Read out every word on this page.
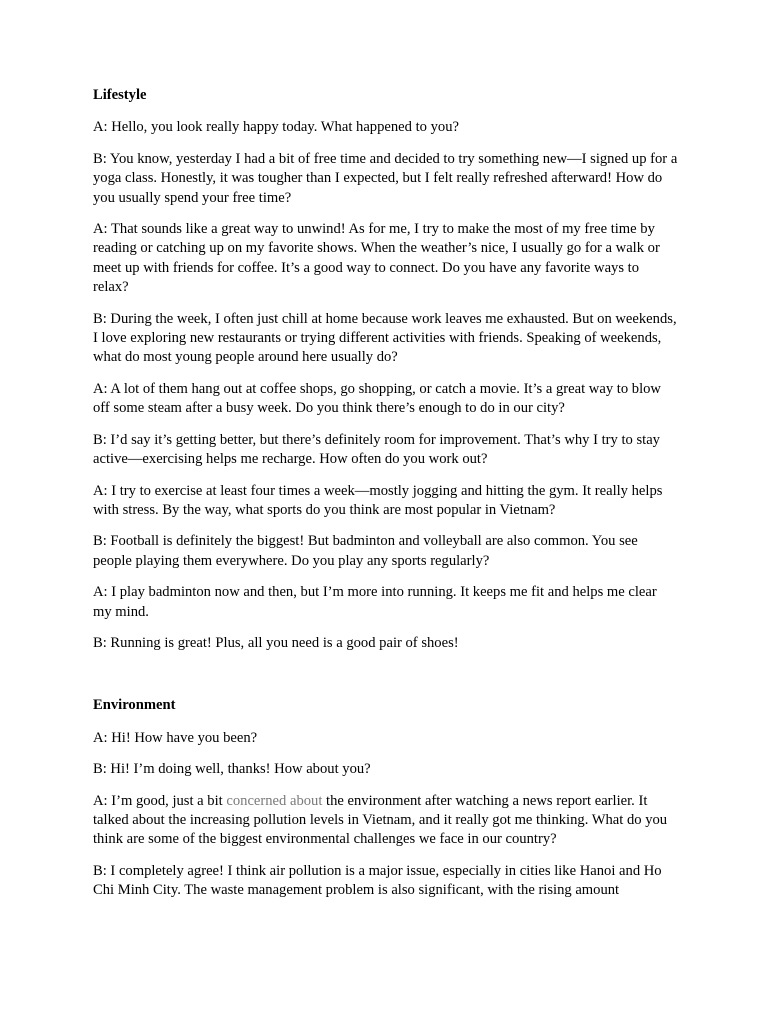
Lifestyle

A: Hello, you look really happy today. What happened to you?

B: You know, yesterday I had a bit of free time and decided to try something new—I signed up for a yoga class. Honestly, it was tougher than I expected, but I felt really refreshed afterward! How do you usually spend your free time?

A: That sounds like a great way to unwind! As for me, I try to make the most of my free time by reading or catching up on my favorite shows. When the weather’s nice, I usually go for a walk or meet up with friends for coffee. It’s a good way to connect. Do you have any favorite ways to relax?

B: During the week, I often just chill at home because work leaves me exhausted. But on weekends, I love exploring new restaurants or trying different activities with friends. Speaking of weekends, what do most young people around here usually do?

A: A lot of them hang out at coffee shops, go shopping, or catch a movie. It’s a great way to blow off some steam after a busy week. Do you think there’s enough to do in our city?

B: I’d say it’s getting better, but there’s definitely room for improvement. That’s why I try to stay active—exercising helps me recharge. How often do you work out?

A: I try to exercise at least four times a week—mostly jogging and hitting the gym. It really helps with stress. By the way, what sports do you think are most popular in Vietnam?

B: Football is definitely the biggest! But badminton and volleyball are also common. You see people playing them everywhere. Do you play any sports regularly?

A: I play badminton now and then, but I’m more into running. It keeps me fit and helps me clear my mind.

B: Running is great! Plus, all you need is a good pair of shoes!

Environment

A: Hi! How have you been?

B: Hi! I’m doing well, thanks! How about you?

A: I’m good, just a bit concerned about the environment after watching a news report earlier. It talked about the increasing pollution levels in Vietnam, and it really got me thinking. What do you think are some of the biggest environmental challenges we face in our country?

B: I completely agree! I think air pollution is a major issue, especially in cities like Hanoi and Ho Chi Minh City. The waste management problem is also significant, with the rising amount
